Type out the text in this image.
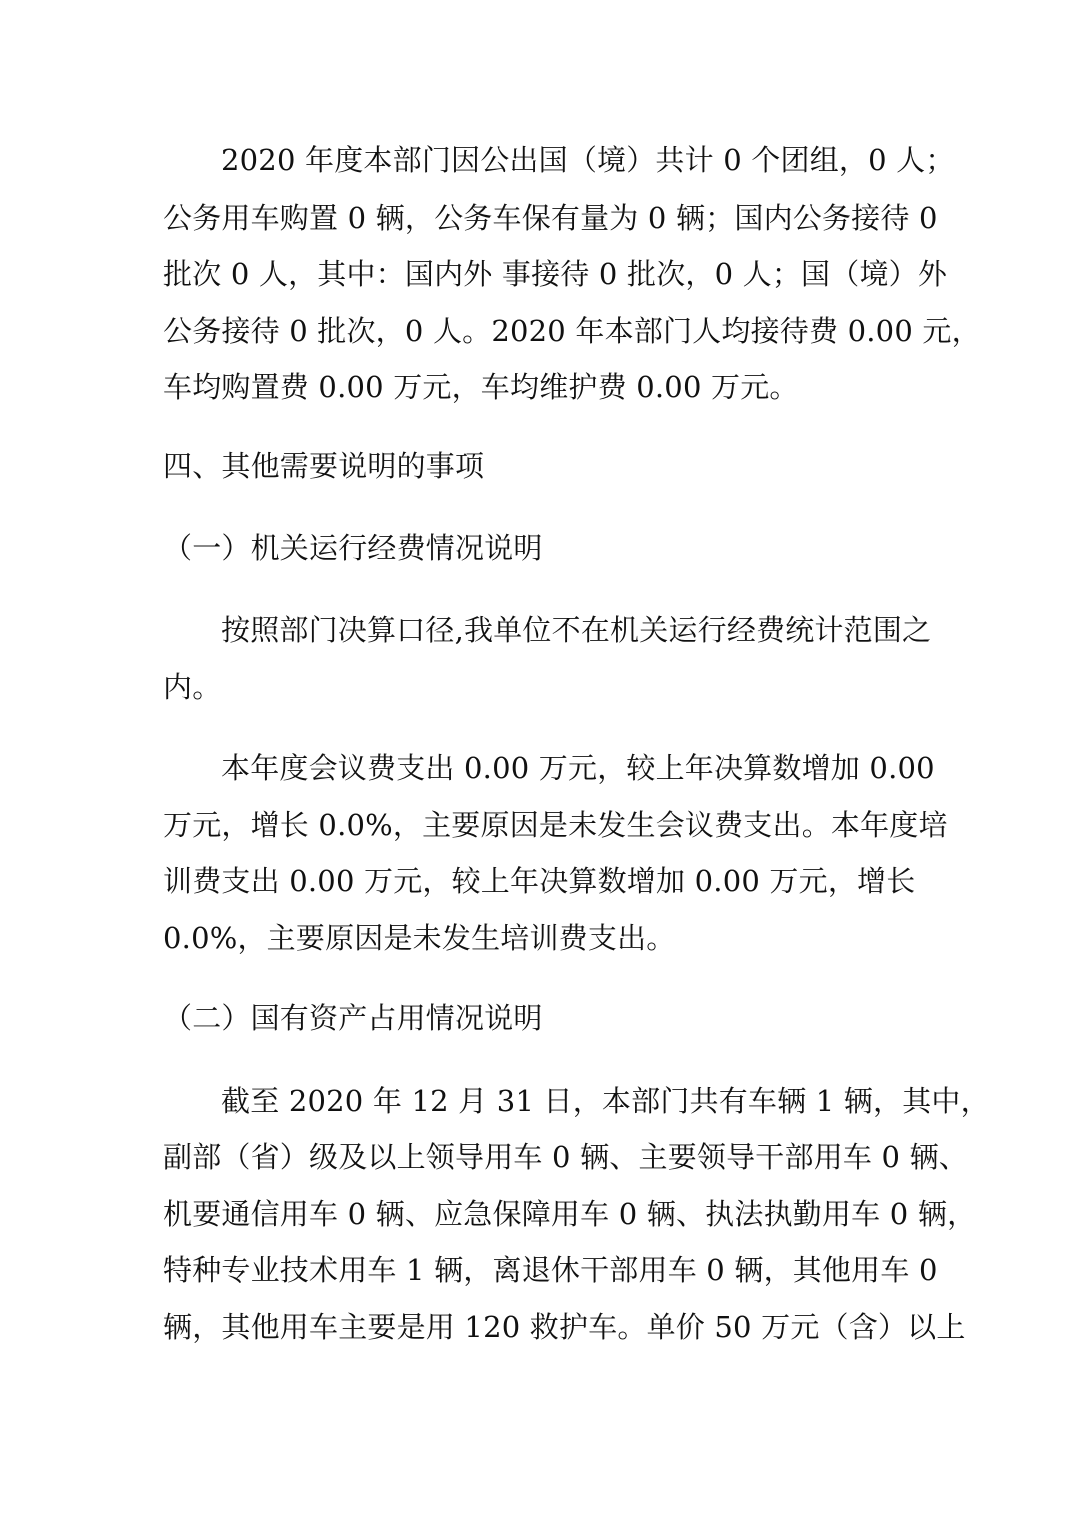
2020 年度本部门因公出国（境）共计 0 个团组，0 人；
公务用车购置 0 辆，公务车保有量为 0 辆；国内公务接待 0
批次 0 人，其中：国内外 事接待 0 批次，0 人；国（境）外
公务接待 0 批次，0 人。2020 年本部门人均接待费 0.00 元，
车均购置费 0.00 万元，车均维护费 0.00 万元。
四、其他需要说明的事项
（一）机关运行经费情况说明
按照部门决算口径,我单位不在机关运行经费统计范围之
内。
本年度会议费支出 0.00 万元，较上年决算数增加 0.00
万元，增长 0.0%，主要原因是未发生会议费支出。本年度培
训费支出 0.00 万元，较上年决算数增加 0.00 万元，增长
0.0%，主要原因是未发生培训费支出。
（二）国有资产占用情况说明
截至 2020 年 12 月 31 日，本部门共有车辆 1 辆，其中，
副部（省）级及以上领导用车 0 辆、主要领导干部用车 0 辆、
机要通信用车 0 辆、应急保障用车 0 辆、执法执勤用车 0 辆，
特种专业技术用车 1 辆，离退休干部用车 0 辆，其他用车 0
辆，其他用车主要是用 120 救护车。单价 50 万元（含）以上
